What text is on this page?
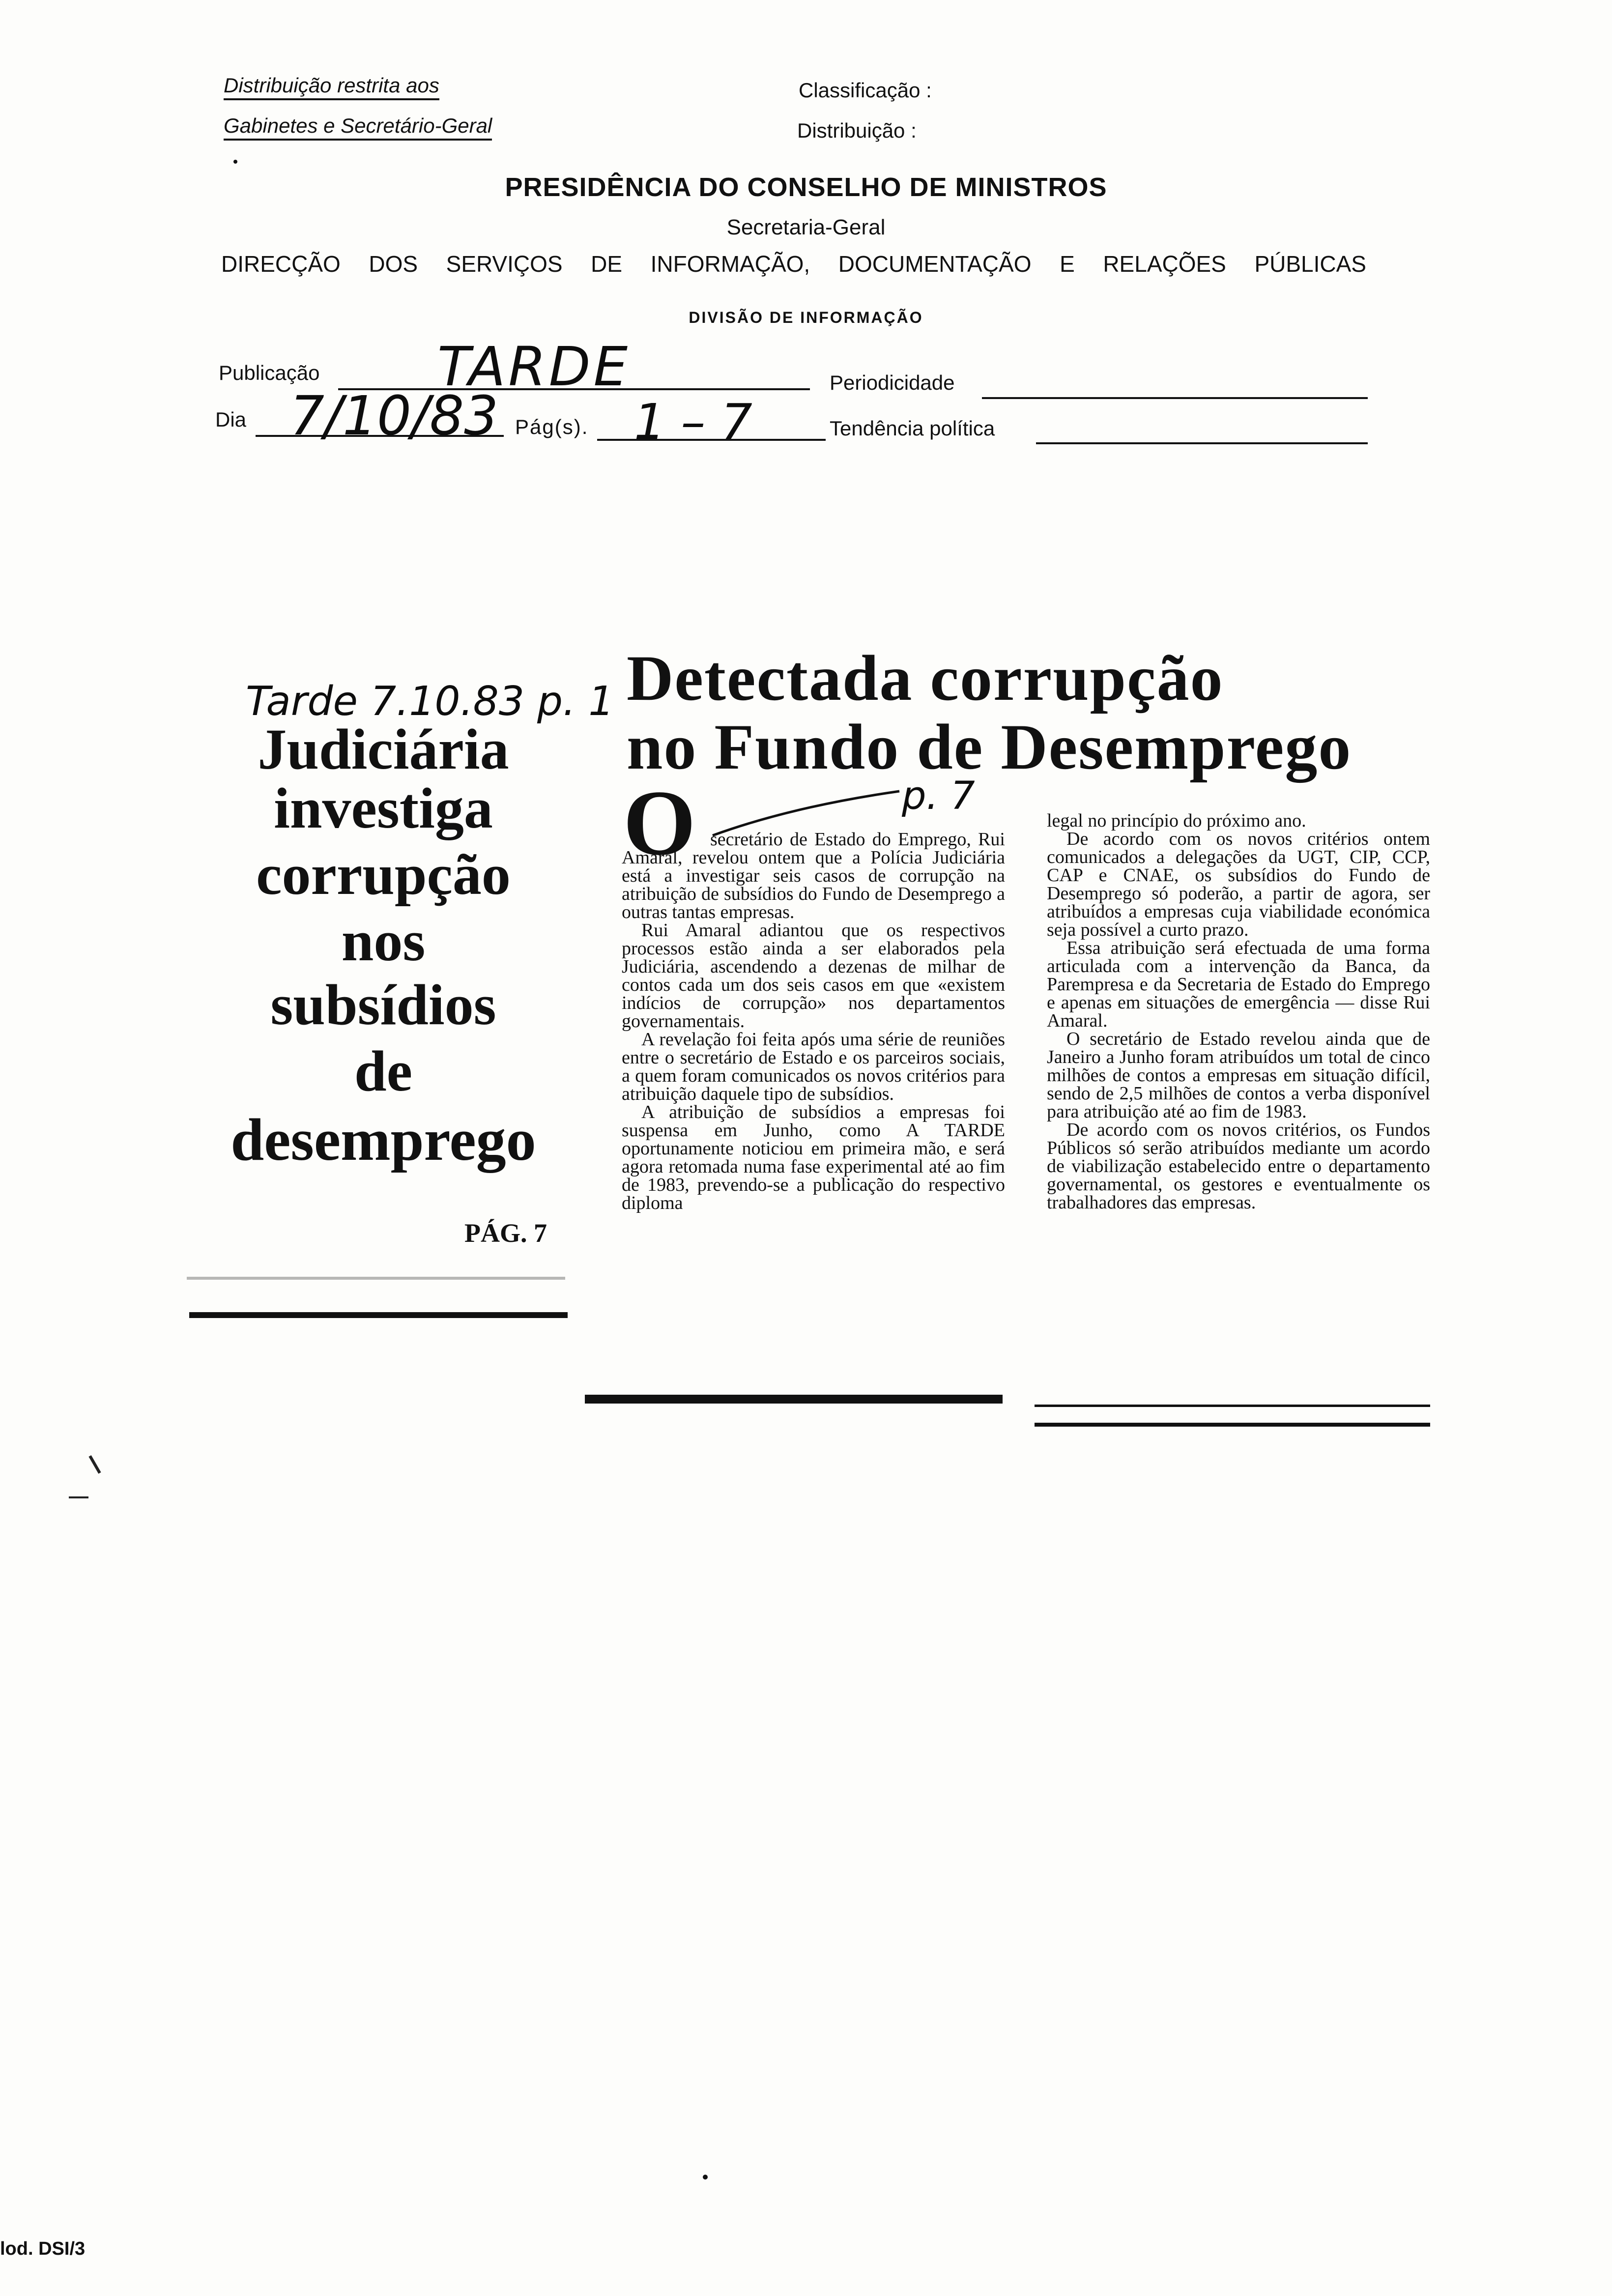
Distribuição restrita aos
Gabinetes e Secretário-Geral
Classificação :
Distribuição :
PRESIDÊNCIA DO CONSELHO DE MINISTROS
Secretaria-Geral
DIRECÇÃO DOS SERVIÇOS DE INFORMAÇÃO, DOCUMENTAÇÃO E RELAÇÕES PÚBLICAS
DIVISÃO DE INFORMAÇÃO
Publicação TARDE	Periodicidade
Dia 7/10/83 Pág(s). 1 – 7	Tendência política
Tarde 7.10.83 p. 1
Judiciária
investiga
corrupção
nos
subsídios
de
desemprego
PÁG. 7
Detectada corrupção
no Fundo de Desemprego
O	p. 7

secretário de Estado do Emprego, Rui Amaral, revelou ontem que a Polícia Judiciária está a investigar seis casos de corrupção na atribuição de subsídios do Fundo de Desemprego a outras tantas empresas.

Rui Amaral adiantou que os respectivos processos estão ainda a ser elaborados pela Judiciária, ascendendo a dezenas de milhar de contos cada um dos seis casos em que «existem indícios de corrupção» nos departamentos governamentais.

A revelação foi feita após uma série de reuniões entre o secretário de Estado e os parceiros sociais, a quem foram comunicados os novos critérios para atribuição daquele tipo de subsídios.

A atribuição de subsídios a empresas foi suspensa em Junho, como A TARDE oportunamente noticiou em primeira mão, e será agora retomada numa fase experimental até ao fim de 1983, prevendo-se a publicação do respectivo diploma

legal no princípio do próximo ano.

De acordo com os novos critérios ontem comunicados a delegações da UGT, CIP, CCP, CAP e CNAE, os subsídios do Fundo de Desemprego só poderão, a partir de agora, ser atribuídos a empresas cuja viabilidade económica seja possível a curto prazo.

Essa atribuição será efectuada de uma forma articulada com a intervenção da Banca, da Parempresa e da Secretaria de Estado do Emprego e apenas em situações de emergência — disse Rui Amaral.

O secretário de Estado revelou ainda que de Janeiro a Junho foram atribuídos um total de cinco milhões de contos a empresas em situação difícil, sendo de 2,5 milhões de contos a verba disponível para atribuição até ao fim de 1983.

De acordo com os novos critérios, os Fundos Públicos só serão atribuídos mediante um acordo de viabilização estabelecido entre o departamento governamental, os gestores e eventualmente os trabalhadores das empresas.

lod. DSI/3
